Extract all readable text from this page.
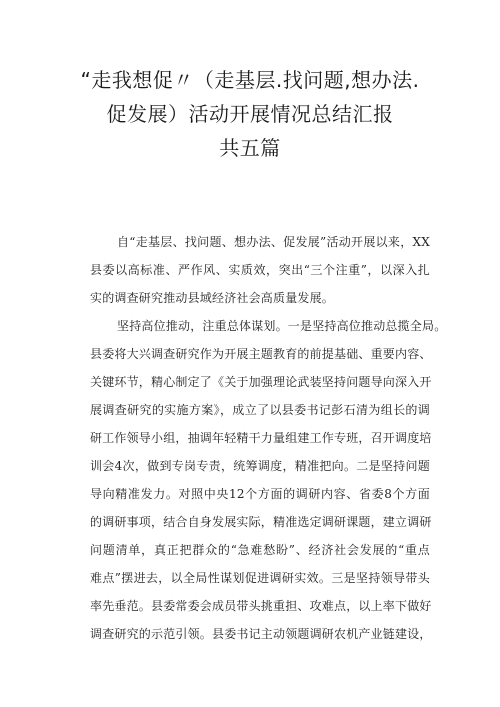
“走我想促〃（走基层.找问题,想办法.
促发展）活动开展情况总结汇报
共五篇
自“走基层、找问题、想办法、促发展”活动开展以来，XX
县委以高标准、严作风、实质效，突出“三个注重”，以深入扎
实的调查研究推动县域经济社会高质量发展。
坚持高位推动，注重总体谋划。一是坚持高位推动总揽全局。
县委将大兴调查研究作为开展主题教育的前提基础、重要内容、
关键环节，精心制定了《关于加强理论武装坚持问题导向深入开
展调查研究的实施方案》，成立了以县委书记彭石清为组长的调
研工作领导小组，抽调年轻精干力量组建工作专班，召开调度培
训会4次，做到专岗专责，统筹调度，精准把向。二是坚持问题
导向精准发力。对照中央12个方面的调研内容、省委8个方面
的调研事项，结合自身发展实际，精准选定调研课题，建立调研
问题清单，真正把群众的“急难愁盼”、经济社会发展的“重点
难点”摆进去，以全局性谋划促进调研实效。三是坚持领导带头
率先垂范。县委常委会成员带头挑重担、攻难点，以上率下做好
调查研究的示范引领。县委书记主动领题调研农机产业链建设，
